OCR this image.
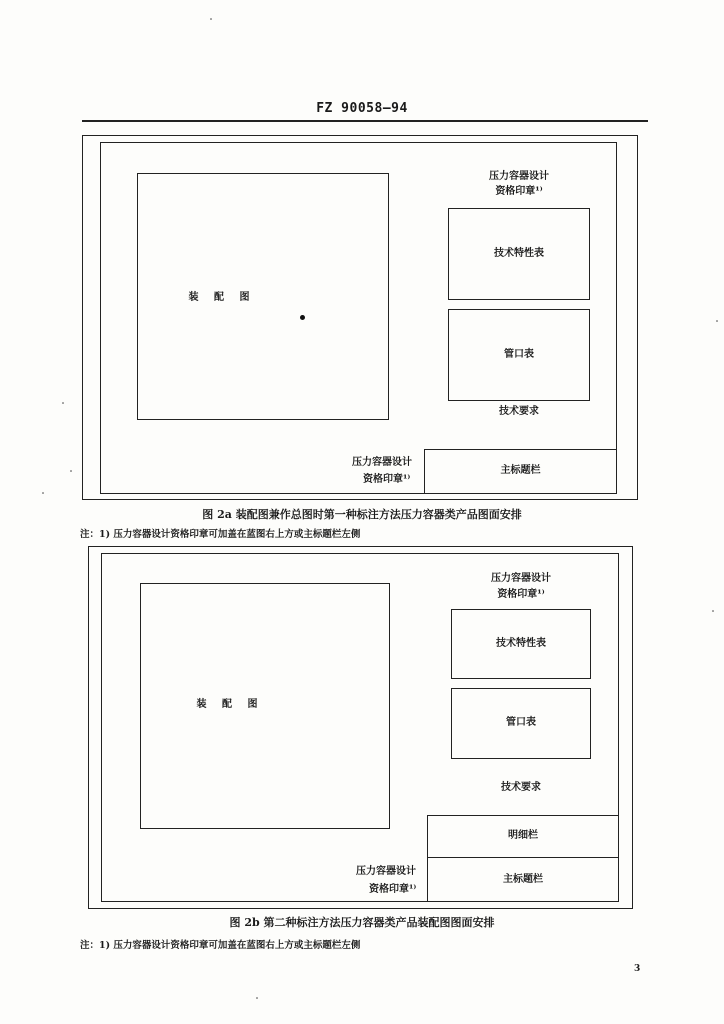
FZ 90058—94
装 配 图
压力容器设计
资格印章¹⁾
技术特性表
管口表
技术要求
压力容器设计
资格印章¹⁾
主标题栏
图 2a 装配图兼作总图时第一种标注方法压力容器类产品图面安排
注：1) 压力容器设计资格印章可加盖在蓝图右上方或主标题栏左侧
装 配 图
压力容器设计
资格印章¹⁾
技术特性表
管口表
技术要求
明细栏
主标题栏
压力容器设计
资格印章¹⁾
图 2b 第二种标注方法压力容器类产品装配图图面安排
注：1) 压力容器设计资格印章可加盖在蓝图右上方或主标题栏左侧
3
